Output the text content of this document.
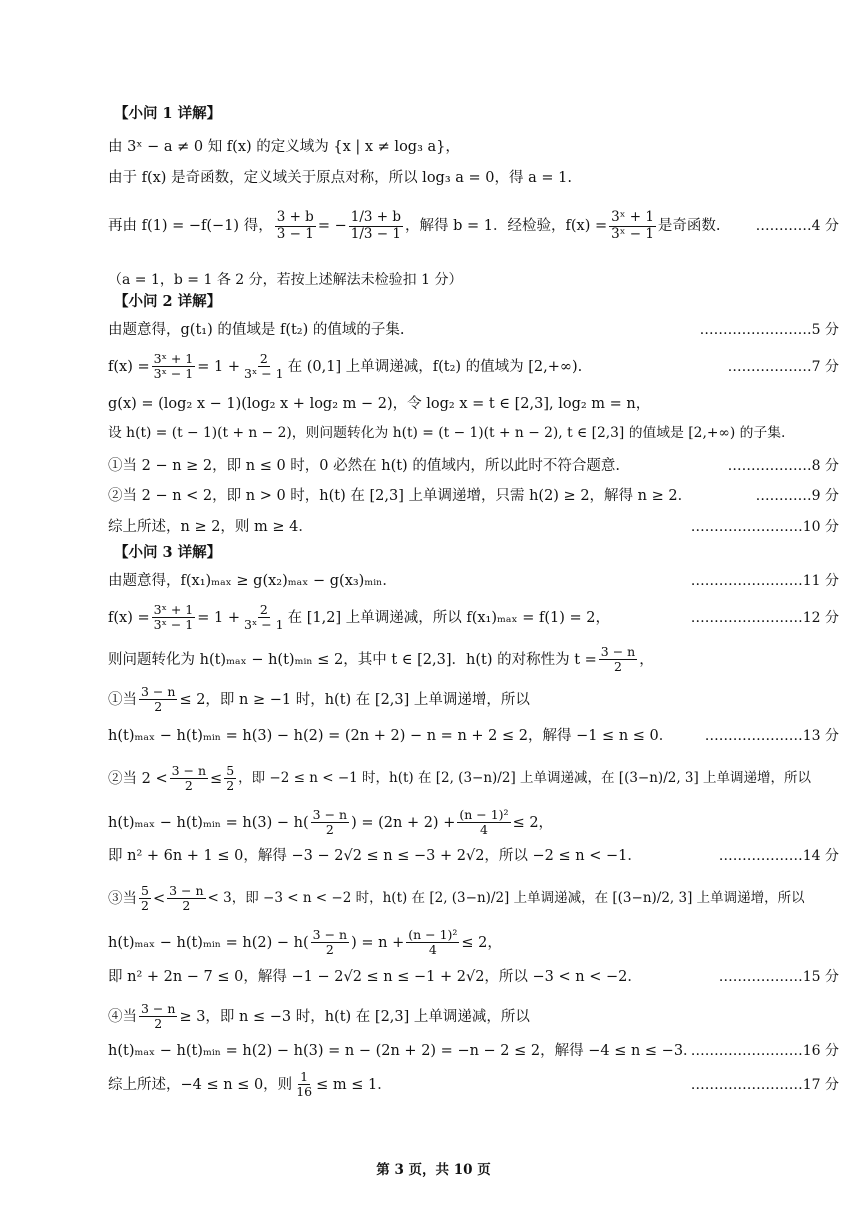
【小问 1 详解】
由 3ˣ − a ≠ 0 知 f(x) 的定义域为 {x | x ≠ log₃ a}，
由于 f(x) 是奇函数，定义域关于原点对称，所以 log₃ a = 0，得 a = 1.
再由 f(1) = −f(−1) 得， $\frac{3 + b}{3 - 1}$ = − $\frac{1/3 + b}{1/3 - 1}$ ，解得 b = 1．经检验，$f(x) = \frac{\text{3ˣ + 1}}{\text{3ˣ − 1}}$ 是奇函数.	…………4 分
（a = 1，b = 1 各 2 分，若按上述解法未检验扣 1 分）
【小问 2 详解】
由题意得，g(t₁) 的值域是 f(t₂) 的值域的子集.	……………………5 分
$f(x) = \frac{\text{3ˣ + 1}}{\text{3ˣ − 1}} = 1 + \frac{2}{\text{3ˣ − 1}}$ 在 (0,1] 上单调递减，f(t₂) 的值域为 [2,+∞).	………………7 分
g(x) = (log₂ x − 1)(log₂ x + log₂ m − 2)，令 log₂ x = t ∈ [2,3], log₂ m = n，
设 h(t) = (t − 1)(t + n − 2)，则问题转化为 h(t) = (t − 1)(t + n − 2), t ∈ [2,3] 的值域是 [2,+∞) 的子集.
①当 2 − n ≥ 2，即 n ≤ 0 时，0 必然在 h(t) 的值域内，所以此时不符合题意.	………………8 分
②当 2 − n < 2，即 n > 0 时，h(t) 在 [2,3] 上单调递增，只需 h(2) ≥ 2，解得 n ≥ 2．	…………9 分
综上所述，n ≥ 2，则 m ≥ 4．	……………………10 分
【小问 3 详解】
由题意得，f(x₁)ₘₐₓ ≥ g(x₂)ₘₐₓ − g(x₃)ₘᵢₙ．	……………………11 分
$f(x) = \frac{\text{3ˣ + 1}}{\text{3ˣ − 1}} = 1 + \frac{2}{\text{3ˣ − 1}}$ 在 [1,2] 上单调递减，所以 f(x₁)ₘₐₓ = f(1) = 2，	……………………12 分
则问题转化为 h(t)ₘₐₓ − h(t)ₘᵢₙ ≤ 2，其中 t ∈ [2,3]．h(t) 的对称性为 $t = \frac{3 - n}{2}$ ，
①当 $\frac{3 - n}{2} \le 2$，即 n ≥ −1 时，h(t) 在 [2,3] 上单调递增，所以
h(t)ₘₐₓ − h(t)ₘᵢₙ = h(3) − h(2) = (2n + 2) − n = n + 2 ≤ 2，解得 −1 ≤ n ≤ 0． …………………13 分
②当 $2 < \frac{3 - n}{2} \le \frac{5}{2}$ ，即 −2 ≤ n < −1 时，h(t) 在 [2, (3−n)/2] 上单调递减，在 [(3−n)/2, 3] 上单调递增，所以
h(t)ₘₐₓ − h(t)ₘᵢₙ = $h(3) - h( \frac{3 - n}{2}$ ) = $(2n + 2) + \frac{\text{(n − 1)²}}{4} \le 2$，
即 n² + 6n + 1 ≤ 0，解得 −3 − 2√2 ≤ n ≤ −3 + 2√2，所以 −2 ≤ n < −1．	………………14 分
③当 $\frac{5}{2} < \frac{3 - n}{2} < 3$，即 −3 < n < −2 时，h(t) 在 [2, (3−n)/2] 上单调递减，在 [(3−n)/2, 3] 上单调递增，所以
h(t)ₘₐₓ − h(t)ₘᵢₙ = $h(2) - h( \frac{3 - n}{2}$ ) = $n + \frac{\text{(n − 1)²}}{4} \le 2$，
即 n² + 2n − 7 ≤ 0，解得 −1 − 2√2 ≤ n ≤ −1 + 2√2，所以 −3 < n < −2．	………………15 分
④当 $\frac{3 - n}{2} \ge 3$，即 n ≤ −3 时，h(t) 在 [2,3] 上单调递减，所以
h(t)ₘₐₓ − h(t)ₘᵢₙ = h(2) − h(3) = n − (2n + 2) = −n − 2 ≤ 2，解得 −4 ≤ n ≤ −3．
……………………16 分
综上所述，−4 ≤ n ≤ 0，则 $\frac{1}{16} \le m \le 1$．	……………………17 分
第 3 页，共 10 页
